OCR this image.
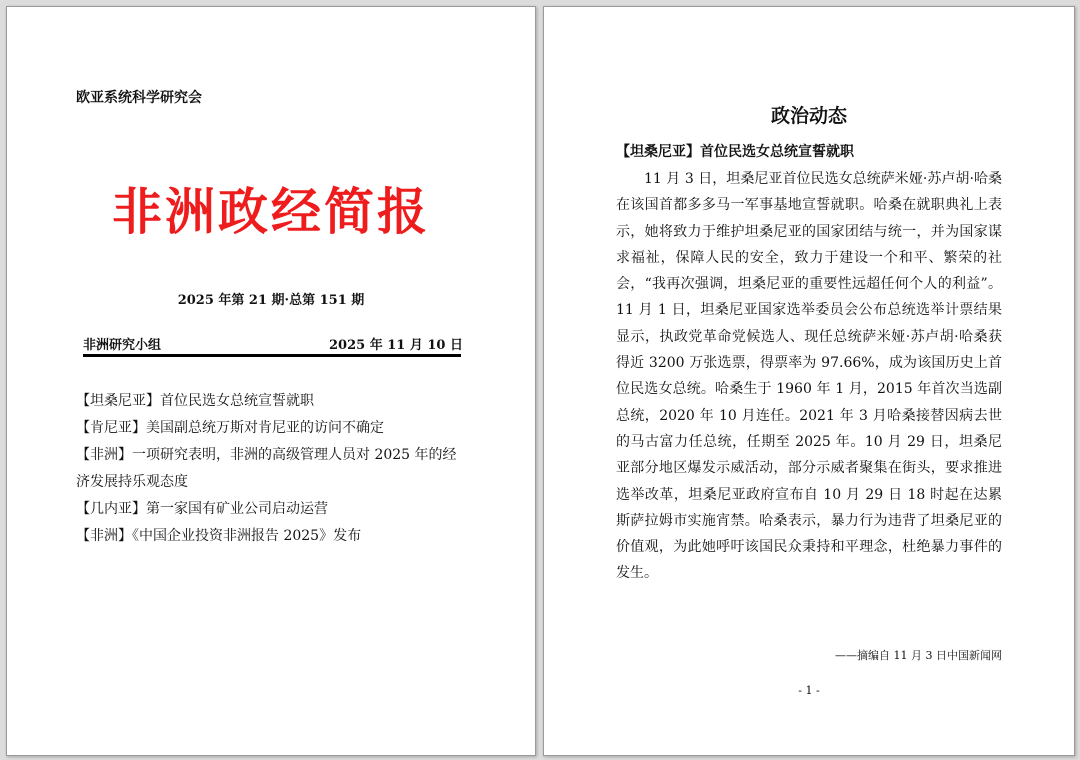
欧亚系统科学研究会
非洲政经简报
2025 年第 21 期·总第 151 期
非洲研究小组	2025 年 11 月 10 日

【坦桑尼亚】首位民选女总统宣誓就职

【肯尼亚】美国副总统万斯对肯尼亚的访问不确定

【非洲】一项研究表明，非洲的高级管理人员对 2025 年的经济发展持乐观态度

【几内亚】第一家国有矿业公司启动运营

【非洲】《中国企业投资非洲报告 2025》发布

政治动态
【坦桑尼亚】首位民选女总统宣誓就职

11 月 3 日，坦桑尼亚首位民选女总统萨米娅·苏卢胡·哈桑在该国首都多多马一军事基地宣誓就职。哈桑在就职典礼上表示，她将致力于维护坦桑尼亚的国家团结与统一，并为国家谋求福祉，保障人民的安全，致力于建设一个和平、繁荣的社会，“我再次强调，坦桑尼亚的重要性远超任何个人的利益”。11 月 1 日，坦桑尼亚国家选举委员会公布总统选举计票结果显示，执政党革命党候选人、现任总统萨米娅·苏卢胡·哈桑获得近 3200 万张选票，得票率为 97.66%，成为该国历史上首位民选女总统。哈桑生于 1960 年 1 月，2015 年首次当选副总统，2020 年 10 月连任。2021 年 3 月哈桑接替因病去世的马古富力任总统，任期至 2025 年。10 月 29 日，坦桑尼亚部分地区爆发示威活动，部分示威者聚集在街头，要求推进选举改革，坦桑尼亚政府宣布自 10 月 29 日 18 时起在达累斯萨拉姆市实施宵禁。哈桑表示，暴力行为违背了坦桑尼亚的价值观，为此她呼吁该国民众秉持和平理念，杜绝暴力事件的发生。

——摘编自 11 月 3 日中国新闻网
- 1 -
